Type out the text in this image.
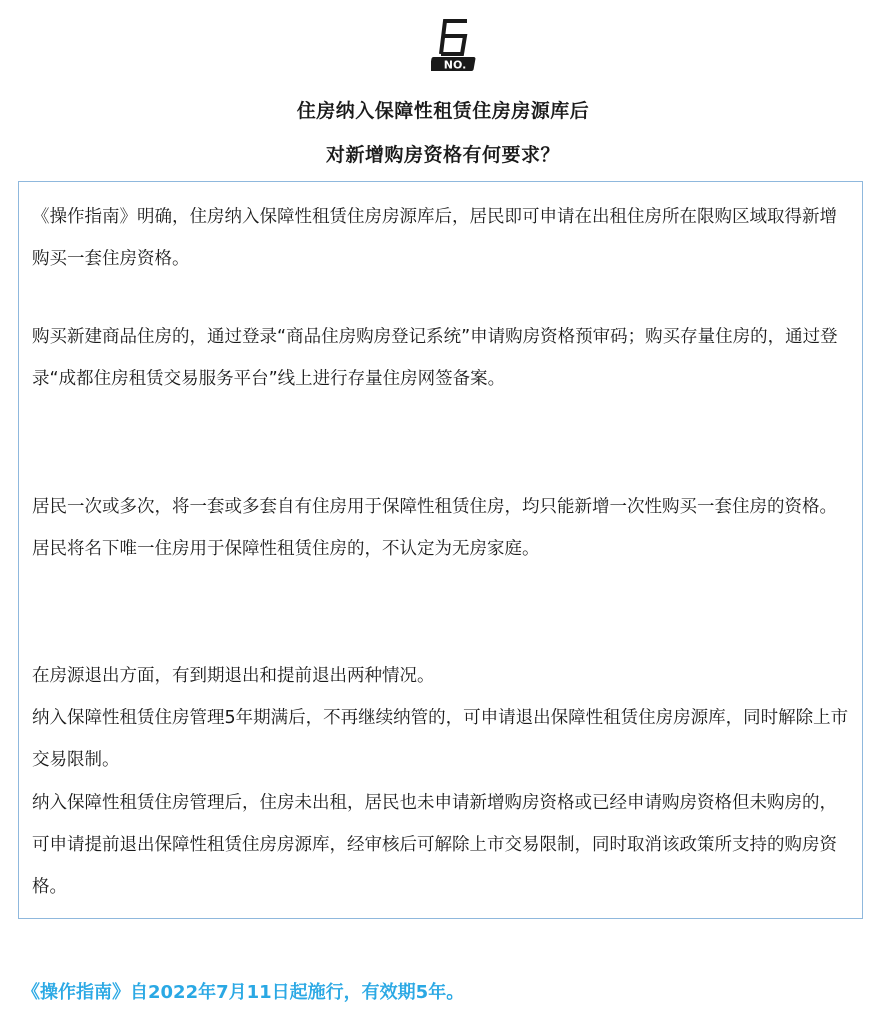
NO.
住房纳入保障性租赁住房房源库后
对新增购房资格有何要求？

《操作指南》明确，住房纳入保障性租赁住房房源库后，居民即可申请在出租住房所在限购区域取得新增购买一套住房资格。

购买新建商品住房的，通过登录“商品住房购房登记系统”申请购房资格预审码；购买存量住房的，通过登录“成都住房租赁交易服务平台”线上进行存量住房网签备案。

居民一次或多次，将一套或多套自有住房用于保障性租赁住房，均只能新增一次性购买一套住房的资格。居民将名下唯一住房用于保障性租赁住房的，不认定为无房家庭。

在房源退出方面，有到期退出和提前退出两种情况。

纳入保障性租赁住房管理5年期满后，不再继续纳管的，可申请退出保障性租赁住房房源库，同时解除上市交易限制。

纳入保障性租赁住房管理后，住房未出租，居民也未申请新增购房资格或已经申请购房资格但未购房的，可申请提前退出保障性租赁住房房源库，经审核后可解除上市交易限制，同时取消该政策所支持的购房资格。

《操作指南》自2022年7月11日起施行，有效期5年。
